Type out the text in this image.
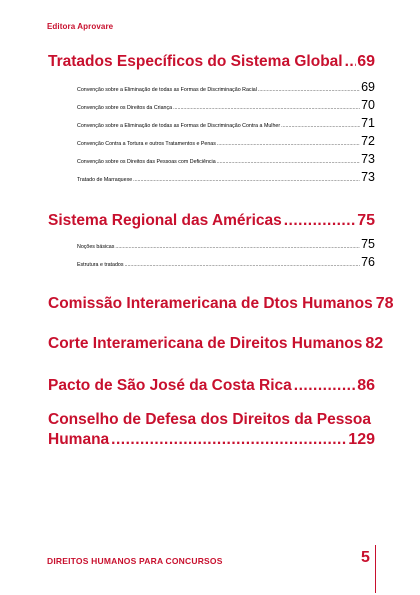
Editora Aprovare
Tratados Específicos do Sistema Global ..... 69
Convenção sobre a Eliminação de todas as Formas de Discriminação Racial .....	69
Convenção sobre os Direitos da Criança .....	70
Convenção sobre a Eliminação de todas as Formas de Discriminação Contra a Mulher .....	71
Convenção Contra a Tortura e outros Tratamentos e Penas .....	72
Convenção sobre os Direitos das Pessoas com Deficiência .....	73
Tratado de Marraquexe .....	73
Sistema Regional das Américas .....	75
Noções básicas .....	75
Estrutura e tratados .....	76
Comissão Interamericana de Dtos Humanos 78
Corte Interamericana de Direitos Humanos 82
Pacto de São José da Costa Rica .....	86
Conselho de Defesa dos Direitos da Pessoa
Humana .....	129
DIREITOS HUMANOS PARA CONCURSOS	5
